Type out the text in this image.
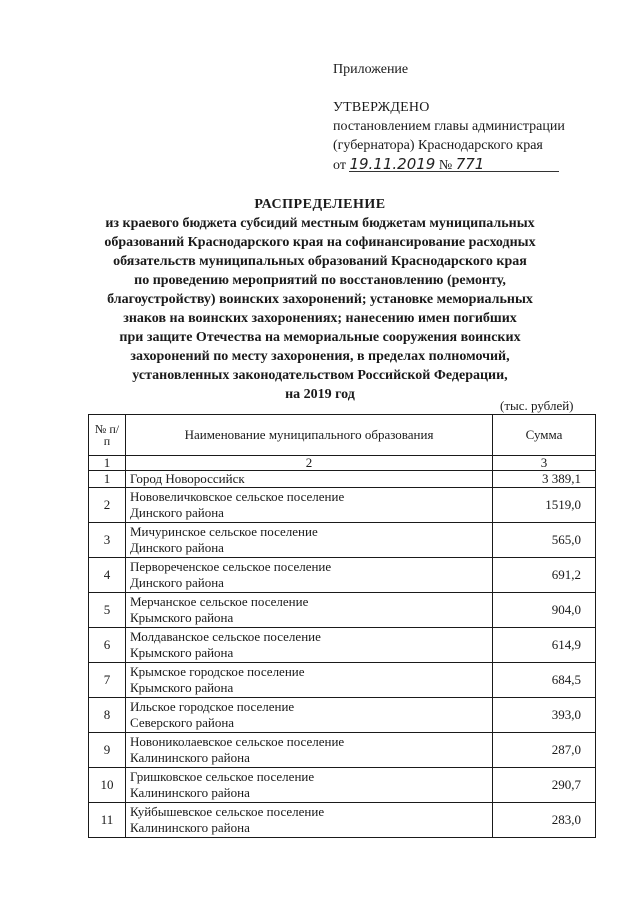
Приложение
УТВЕРЖДЕНО
постановлением главы администрации
(губернатора) Краснодарского края
от 19.11.2019 № 771
РАСПРЕДЕЛЕНИЕ
из краевого бюджета субсидий местным бюджетам муниципальных
образований Краснодарского края на софинансирование расходных
обязательств муниципальных образований Краснодарского края
по проведению мероприятий по восстановлению (ремонту,
благоустройству) воинских захоронений; установке мемориальных
знаков на воинских захоронениях; нанесению имен погибших
при защите Отечества на мемориальные сооружения воинских
захоронений по месту захоронения, в пределах полномочий,
установленных законодательством Российской Федерации,
на 2019 год
(тыс. рублей)
№ п/п	Наименование муниципального образования	Сумма
1	2	3
1	Город Новороссийск	3 389,1
2	Нововеличковское сельское поселение
Динского района	1519,0
3	Мичуринское сельское поселение
Динского района	565,0
4	Первореченское сельское поселение
Динского района	691,2
5	Мерчанское сельское поселение
Крымского района	904,0
6	Молдаванское сельское поселение
Крымского района	614,9
7	Крымское городское поселение
Крымского района	684,5
8	Ильское городское поселение
Северского района	393,0
9	Новониколаевское сельское поселение
Калининского района	287,0
10	Гришковское сельское поселение
Калининского района	290,7
11	Куйбышевское сельское поселение
Калининского района	283,0
